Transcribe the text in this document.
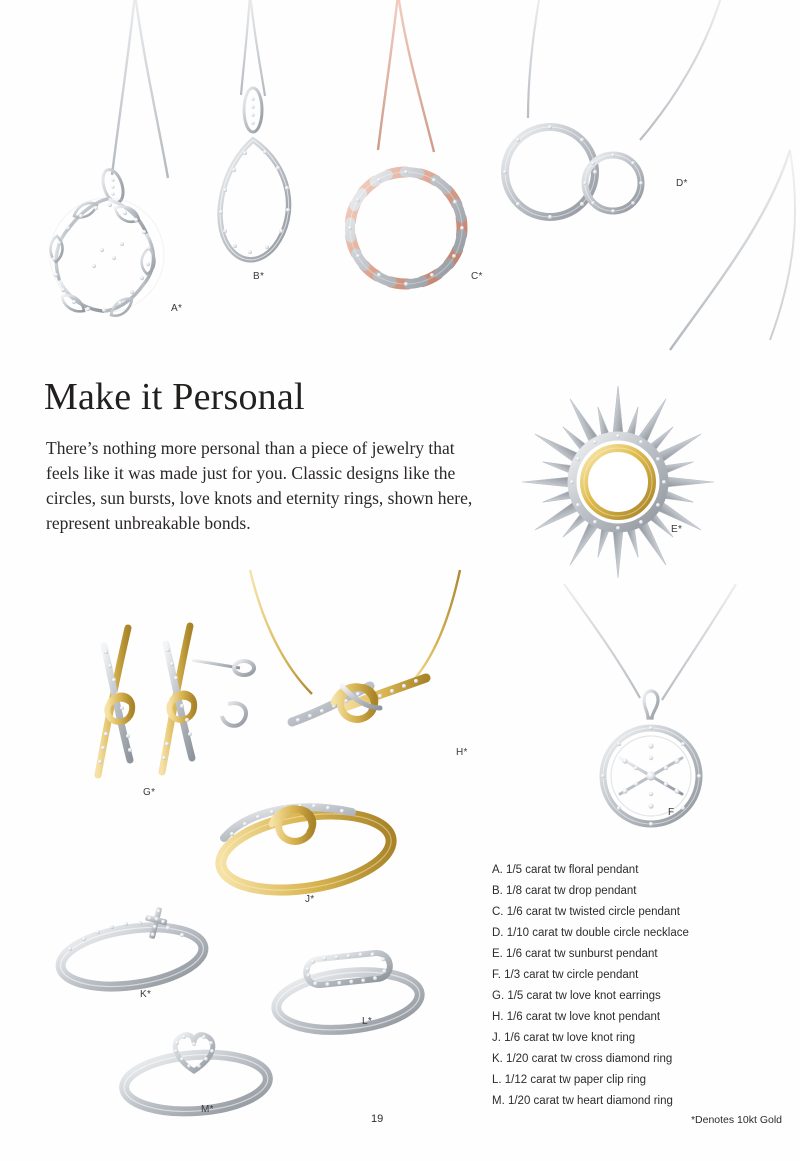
A*
B*	C*
D*
E*
Make it Personal
There’s nothing more personal than a piece of jewelry that feels like it was made just for you. Classic designs like the circles, sun bursts, love knots and eternity rings, shown here, represent unbreakable bonds.
G*
H*
F
J*
K*
L*
M*
A. 1/5 carat tw floral pendant
B. 1/8 carat tw drop pendant
C. 1/6 carat tw twisted circle pendant
D. 1/10 carat tw double circle necklace
E. 1/6 carat tw sunburst pendant
F. 1/3 carat tw circle pendant
G. 1/5 carat tw love knot earrings
H. 1/6 carat tw love knot pendant
J. 1/6 carat tw love knot ring
K. 1/20 carat tw cross diamond ring
L. 1/12 carat tw paper clip ring
M. 1/20 carat tw heart diamond ring
19	*Denotes 10kt Gold
